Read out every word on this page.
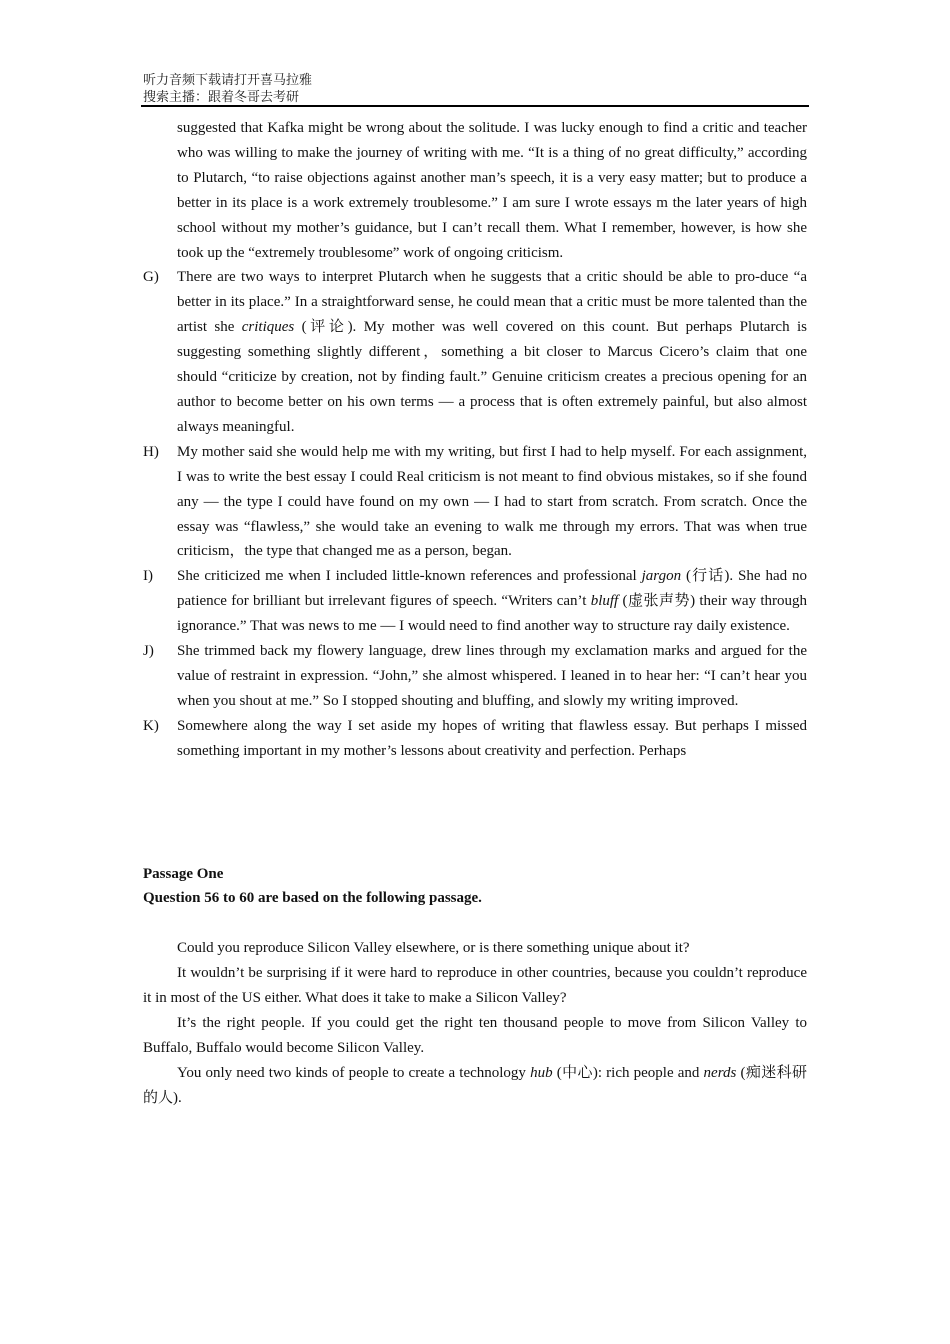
听力音频下载请打开喜马拉雅
搜索主播：跟着冬哥去考研

suggested that Kafka might be wrong about the solitude. I was lucky enough to find a critic and teacher who was willing to make the journey of writing with me. “It is a thing of no great difficulty,” according to Plutarch, “to raise objections against another man’s speech, it is a very easy matter; but to produce a better in its place is a work extremely troublesome.” I am sure I wrote essays m the later years of high school without my mother’s guidance, but I can’t recall them. What I remember, however, is how she took up the “extremely troublesome” work of ongoing criticism.

G)	There are two ways to interpret Plutarch when he suggests that a critic should be able to pro-duce “a better in its place.” In a straightforward sense, he could mean that a critic must be more talented than the artist she critiques (评论). My mother was well covered on this count. But perhaps Plutarch is suggesting something slightly different，something a bit closer to Marcus Cicero’s claim that one should “criticize by creation, not by finding fault.” Genuine criticism creates a precious opening for an author to become better on his own terms — a process that is often extremely painful, but also almost always meaningful.

H)	My mother said she would help me with my writing, but first I had to help myself. For each assignment, I was to write the best essay I could Real criticism is not meant to find obvious mistakes, so if she found any — the type I could have found on my own — I had to start from scratch. From scratch. Once the essay was “flawless,” she would take an evening to walk me through my errors. That was when true criticism，the type that changed me as a person, began.

I)	She criticized me when I included little-known references and professional jargon (行话). She had no patience for brilliant but irrelevant figures of speech. “Writers can’t bluff (虚张声势) their way through ignorance.” That was news to me — I would need to find another way to structure ray daily existence.

J)	She trimmed back my flowery language, drew lines through my exclamation marks and argued for the value of restraint in expression. “John,” she almost whispered. I leaned in to hear her: “I can’t hear you when you shout at me.” So I stopped shouting and bluffing, and slowly my writing improved.

K)	Somewhere along the way I set aside my hopes of writing that flawless essay. But perhaps I missed something important in my mother’s lessons about creativity and perfection. Perhaps

Passage One

Question 56 to 60 are based on the following passage.

Could you reproduce Silicon Valley elsewhere, or is there something unique about it?

It wouldn’t be surprising if it were hard to reproduce in other countries, because you couldn’t reproduce it in most of the US either. What does it take to make a Silicon Valley?

It’s the right people. If you could get the right ten thousand people to move from Silicon Valley to Buffalo, Buffalo would become Silicon Valley.

You only need two kinds of people to create a technology hub (中心): rich people and nerds (痴迷科研的人).
